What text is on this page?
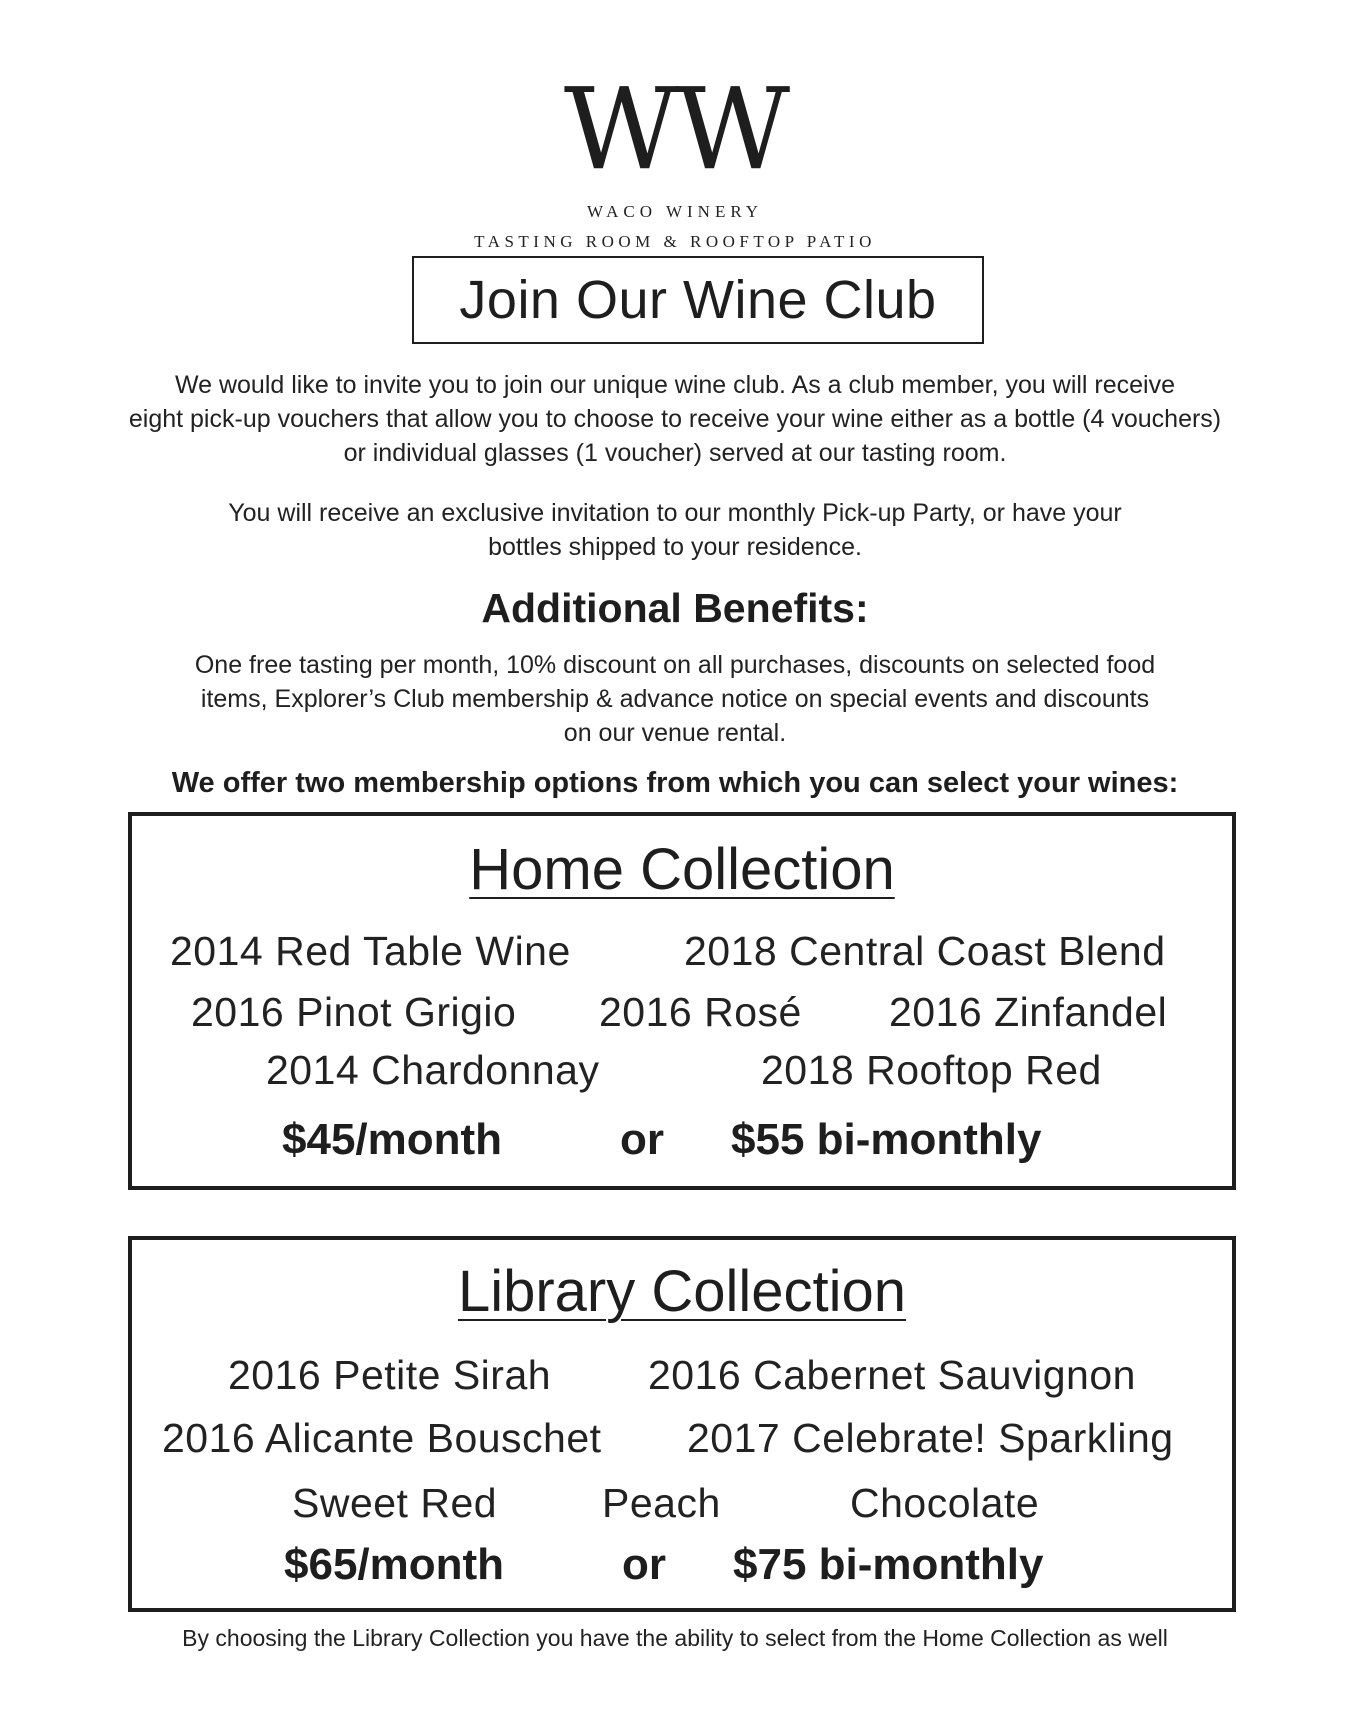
WW
WACO WINERY
TASTING ROOM & ROOFTOP PATIO
Join Our Wine Club
We would like to invite you to join our unique wine club. As a club member, you will receive
eight pick-up vouchers that allow you to choose to receive your wine either as a bottle (4 vouchers)
or individual glasses (1 voucher) served at our tasting room.
You will receive an exclusive invitation to our monthly Pick-up Party, or have your
bottles shipped to your residence.
Additional Benefits:
One free tasting per month, 10% discount on all purchases, discounts on selected food
items, Explorer’s Club membership & advance notice on special events and discounts
on our venue rental.
We offer two membership options from which you can select your wines:
Home Collection
2014 Red Table Wine	2018 Central Coast Blend
2016 Pinot Grigio 2016 Rosé 2016 Zinfandel
2014 Chardonnay	2018 Rooftop Red
$45/month	or $55 bi-monthly
Library Collection
2016 Petite Sirah 2016 Cabernet Sauvignon
2016 Alicante Bouschet 2017 Celebrate! Sparkling
Sweet Red	Peach	Chocolate
$65/month	or $75 bi-monthly
By choosing the Library Collection you have the ability to select from the Home Collection as well
